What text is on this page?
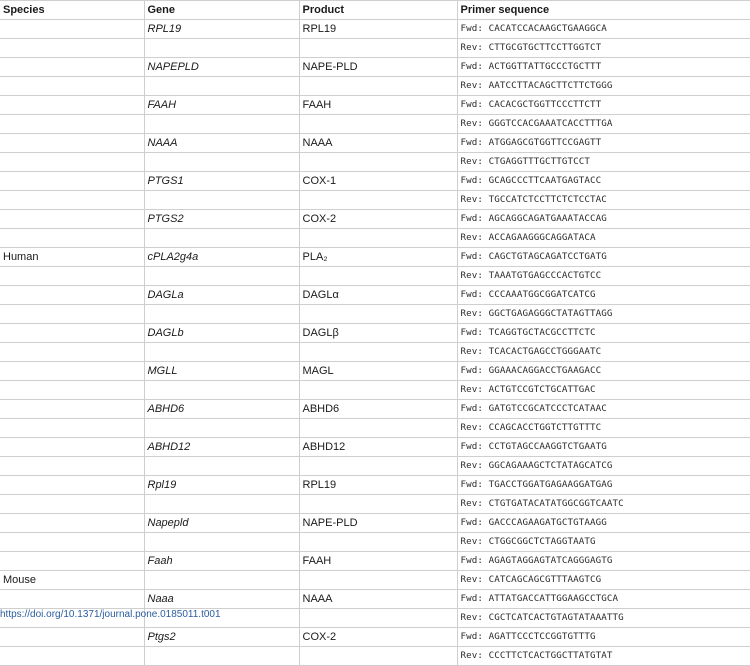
Species	Gene	Product	Primer sequence
	RPL19	RPL19	Fwd: CACATCCACAAGCTGAAGGCA
			Rev: CTTGCGTGCTTCCTTGGTCT
	NAPEPLD	NAPE-PLD	Fwd: ACTGGTTATTGCCCTGCTTT
			Rev: AATCCTTACAGCTTCTTCTGGG
	FAAH	FAAH	Fwd: CACACGCTGGTTCCCTTCTT
			Rev: GGGTCCACGAAATCACCTTTGA
	NAAA	NAAA	Fwd: ATGGAGCGTGGTTCCGAGTT
			Rev: CTGAGGTTTGCTTGTCCT
	PTGS1	COX-1	Fwd: GCAGCCCTTCAATGAGTACC
			Rev: TGCCATCTCCTTCTCTCCTAC
	PTGS2	COX-2	Fwd: AGCAGGCAGATGAAATACCAG
			Rev: ACCAGAAGGGCAGGATACA
Human	cPLA2g4a	PLA₂	Fwd: CAGCTGTAGCAGATCCTGATG
			Rev: TAAATGTGAGCCCACTGTCC
	DAGLa	DAGLα	Fwd: CCCAAATGGCGGATCATCG
			Rev: GGCTGAGAGGGCTATAGTTAGG
	DAGLb	DAGLβ	Fwd: TCAGGTGCTACGCCTTCTC
			Rev: TCACACTGAGCCTGGGAATC
	MGLL	MAGL	Fwd: GGAAACAGGACCTGAAGACC
			Rev: ACTGTCCGTCTGCATTGAC
	ABHD6	ABHD6	Fwd: GATGTCCGCATCCCTCATAAC
			Rev: CCAGCACCTGGTCTTGTTTC
	ABHD12	ABHD12	Fwd: CCTGTAGCCAAGGTCTGAATG
			Rev: GGCAGAAAGCTCTATAGCATCG
	Rpl19	RPL19	Fwd: TGACCTGGATGAGAAGGATGAG
			Rev: CTGTGATACATATGGCGGTCAATC
	Napepld	NAPE-PLD	Fwd: GACCCAGAAGATGCTGTAAGG
			Rev: CTGGCGGCTCTAGGTAATG
	Faah	FAAH	Fwd: AGAGTAGGAGTATCAGGGAGTG
Mouse			Rev: CATCAGCAGCGTTTAAGTCG
	Naaa	NAAA	Fwd: ATTATGACCATTGGAAGCCTGCA
			Rev: CGCTCATCACTGTAGTATAAATTG
	Ptgs2	COX-2	Fwd: AGATTCCCTCCGGTGTTTG
			Rev: CCCTTCTCACTGGCTTATGTAT
https://doi.org/10.1371/journal.pone.0185011.t001
